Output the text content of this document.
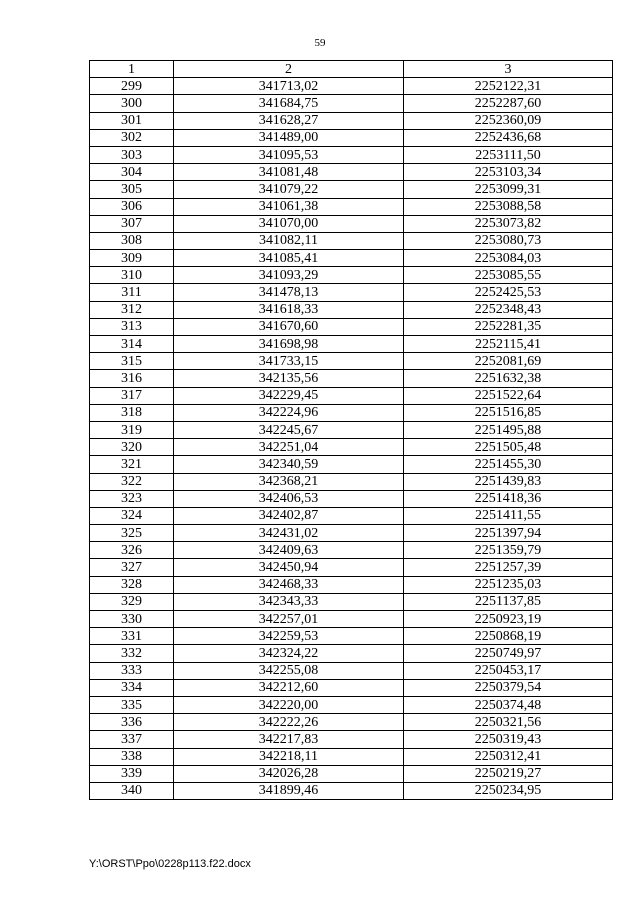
59
1	2	3
299	341713,02	2252122,31
300	341684,75	2252287,60
301	341628,27	2252360,09
302	341489,00	2252436,68
303	341095,53	2253111,50
304	341081,48	2253103,34
305	341079,22	2253099,31
306	341061,38	2253088,58
307	341070,00	2253073,82
308	341082,11	2253080,73
309	341085,41	2253084,03
310	341093,29	2253085,55
311	341478,13	2252425,53
312	341618,33	2252348,43
313	341670,60	2252281,35
314	341698,98	2252115,41
315	341733,15	2252081,69
316	342135,56	2251632,38
317	342229,45	2251522,64
318	342224,96	2251516,85
319	342245,67	2251495,88
320	342251,04	2251505,48
321	342340,59	2251455,30
322	342368,21	2251439,83
323	342406,53	2251418,36
324	342402,87	2251411,55
325	342431,02	2251397,94
326	342409,63	2251359,79
327	342450,94	2251257,39
328	342468,33	2251235,03
329	342343,33	2251137,85
330	342257,01	2250923,19
331	342259,53	2250868,19
332	342324,22	2250749,97
333	342255,08	2250453,17
334	342212,60	2250379,54
335	342220,00	2250374,48
336	342222,26	2250321,56
337	342217,83	2250319,43
338	342218,11	2250312,41
339	342026,28	2250219,27
340	341899,46	2250234,95
Y:\ORST\Ppo\0228p113.f22.docx
